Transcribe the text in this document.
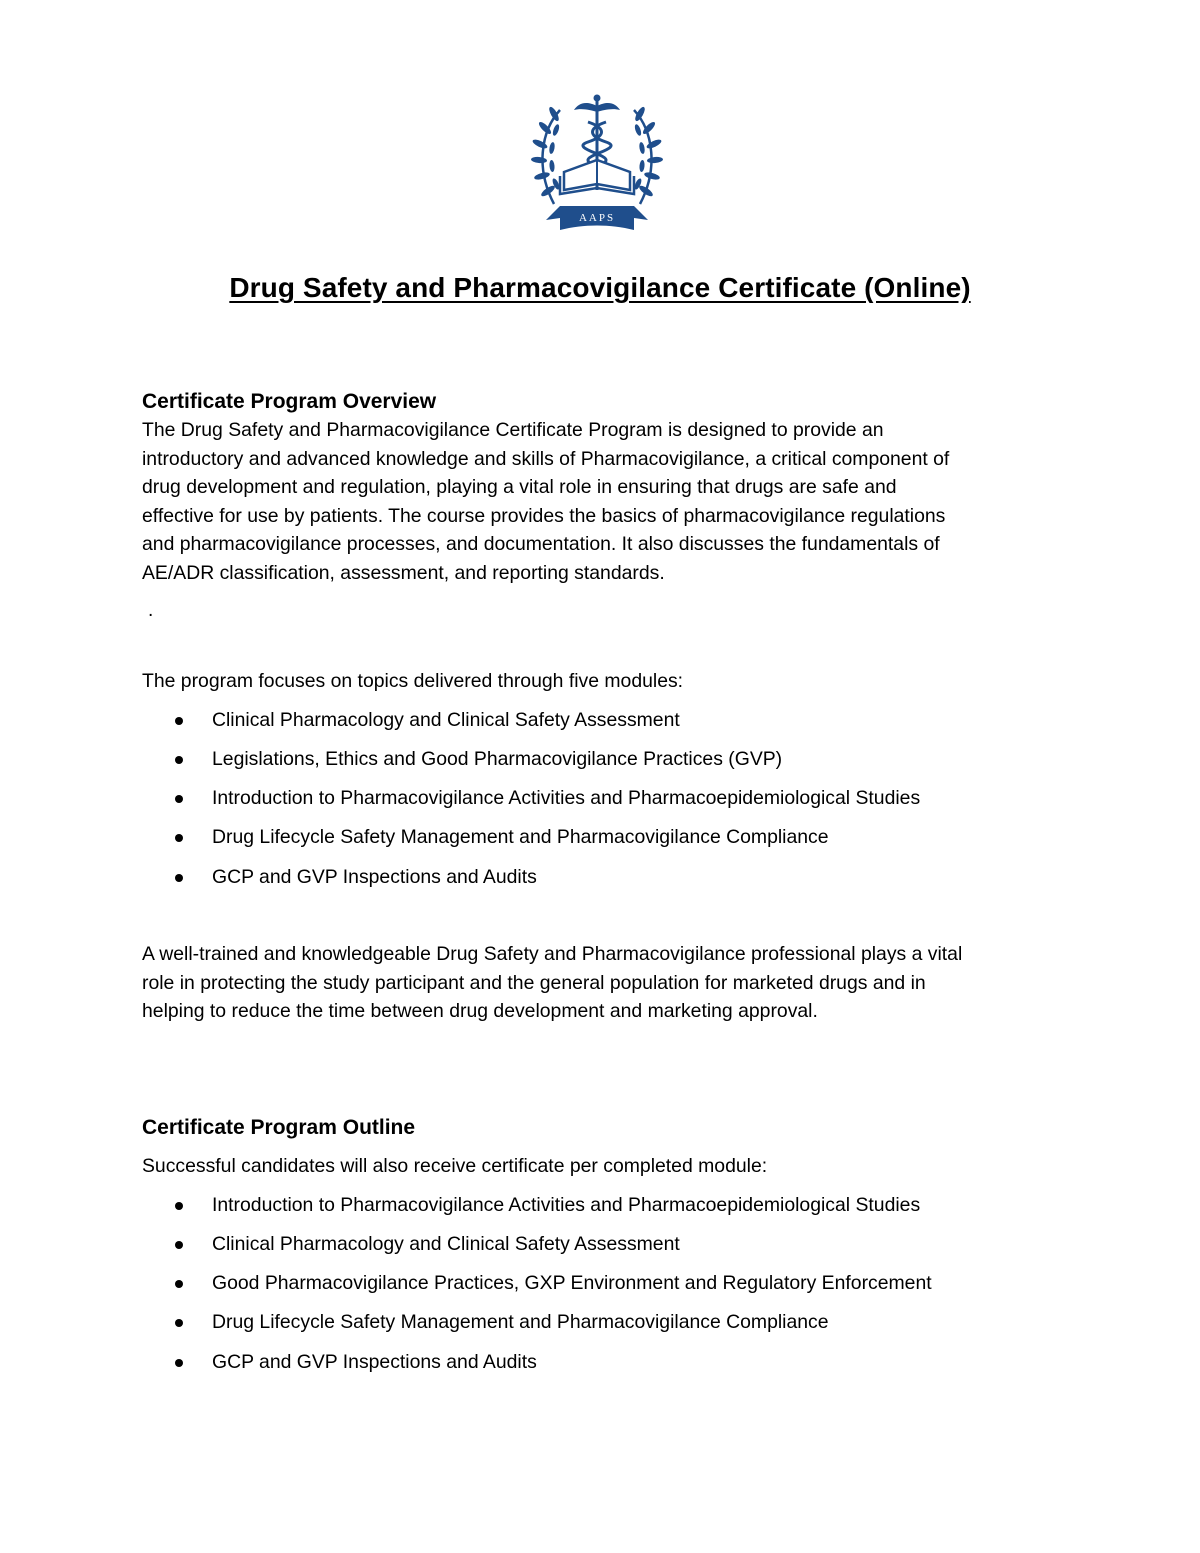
AAPS
Drug Safety and Pharmacovigilance Certificate (Online)
Certificate Program Overview
The Drug Safety and Pharmacovigilance Certificate Program is designed to provide an
introductory and advanced knowledge and skills of Pharmacovigilance, a critical component of
drug development and regulation, playing a vital role in ensuring that drugs are safe and
effective for use by patients. The course provides the basics of pharmacovigilance regulations
and pharmacovigilance processes, and documentation. It also discusses the fundamentals of
AE/ADR classification, assessment, and reporting standards.
.

The program focuses on topics delivered through five modules:

Clinical Pharmacology and Clinical Safety Assessment
Legislations, Ethics and Good Pharmacovigilance Practices (GVP)
Introduction to Pharmacovigilance Activities and Pharmacoepidemiological Studies
Drug Lifecycle Safety Management and Pharmacovigilance Compliance
GCP and GVP Inspections and Audits
A well-trained and knowledgeable Drug Safety and Pharmacovigilance professional plays a vital
role in protecting the study participant and the general population for marketed drugs and in
helping to reduce the time between drug development and marketing approval.
Certificate Program Outline

Successful candidates will also receive certificate per completed module:

Introduction to Pharmacovigilance Activities and Pharmacoepidemiological Studies
Clinical Pharmacology and Clinical Safety Assessment
Good Pharmacovigilance Practices, GXP Environment and Regulatory Enforcement
Drug Lifecycle Safety Management and Pharmacovigilance Compliance
GCP and GVP Inspections and Audits
